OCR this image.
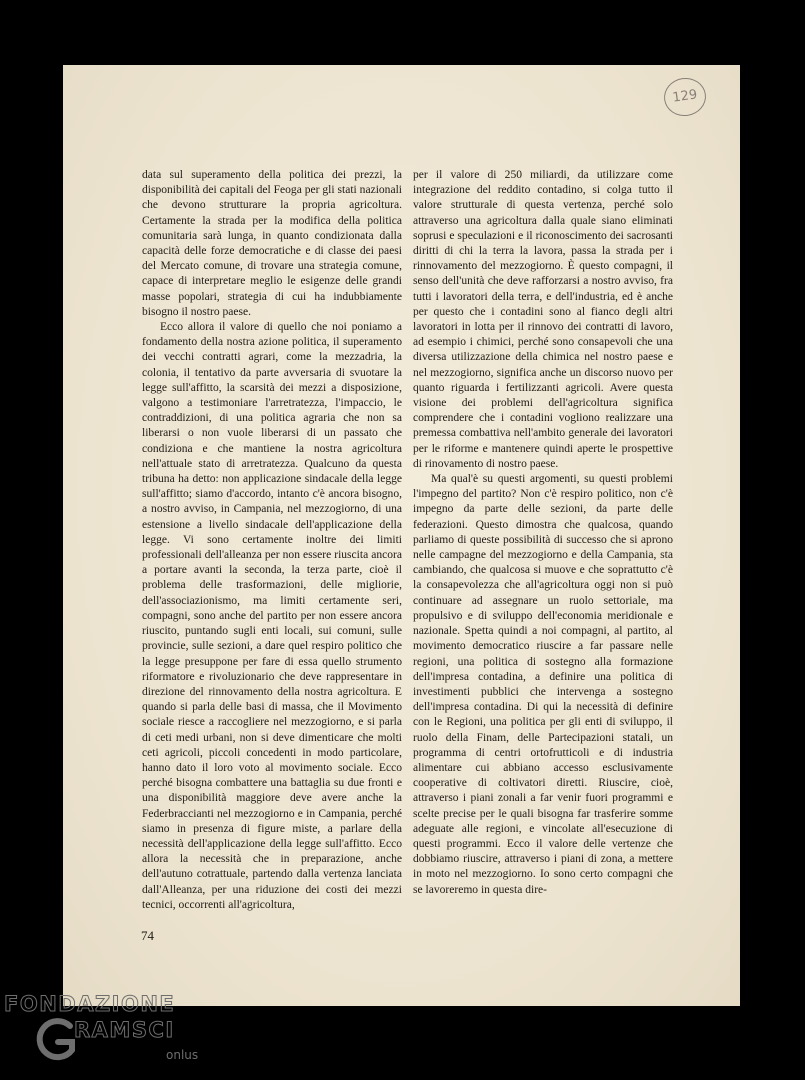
129

data sul superamento della politica dei prezzi, la disponibilità dei capitali del Feoga per gli stati nazionali che devono strutturare la propria agricoltura. Certamente la strada per la modifica della politica comunitaria sarà lunga, in quanto condizionata dalla capacità delle forze democratiche e di classe dei paesi del Mercato comune, di trovare una strategia comune, capace di interpretare meglio le esigenze delle grandi masse popolari, strategia di cui ha indubbiamente bisogno il nostro paese.

Ecco allora il valore di quello che noi poniamo a fondamento della nostra azione politica, il superamento dei vecchi contratti agrari, come la mezzadria, la colonia, il tentativo da parte avversaria di svuotare la legge sull'affitto, la scarsità dei mezzi a disposizione, valgono a testimoniare l'arretratezza, l'impaccio, le contraddizioni, di una politica agraria che non sa liberarsi o non vuole liberarsi di un passato che condiziona e che mantiene la nostra agricoltura nell'attuale stato di arretratezza. Qualcuno da questa tribuna ha detto: non applicazione sindacale della legge sull'affitto; siamo d'accordo, intanto c'è ancora bisogno, a nostro avviso, in Campania, nel mezzogiorno, di una estensione a livello sindacale dell'applicazione della legge. Vi sono certamente inoltre dei limiti professionali dell'alleanza per non essere riuscita ancora a portare avanti la seconda, la terza parte, cioè il problema delle trasformazioni, delle migliorie, dell'associazionismo, ma limiti certamente seri, compagni, sono anche del partito per non essere ancora riuscito, puntando sugli enti locali, sui comuni, sulle provincie, sulle sezioni, a dare quel respiro politico che la legge presuppone per fare di essa quello strumento riformatore e rivoluzionario che deve rappresentare in direzione del rinnovamento della nostra agricoltura. E quando si parla delle basi di massa, che il Movimento sociale riesce a raccogliere nel mezzogiorno, e si parla di ceti medi urbani, non si deve dimenticare che molti ceti agricoli, piccoli concedenti in modo particolare, hanno dato il loro voto al movimento sociale. Ecco perché bisogna combattere una battaglia su due fronti e una disponibilità maggiore deve avere anche la Federbraccianti nel mezzogiorno e in Campania, perché siamo in presenza di figure miste, a parlare della necessità dell'applicazione della legge sull'affitto. Ecco allora la necessità che in preparazione, anche dell'autuno cotrattuale, partendo dalla vertenza lanciata dall'Alleanza, per una riduzione dei costi dei mezzi tecnici, occorrenti all'agricoltura,

per il valore di 250 miliardi, da utilizzare come integrazione del reddito contadino, si colga tutto il valore strutturale di questa vertenza, perché solo attraverso una agricoltura dalla quale siano eliminati soprusi e speculazioni e il riconoscimento dei sacrosanti diritti di chi la terra la lavora, passa la strada per i rinnovamento del mezzogiorno. È questo compagni, il senso dell'unità che deve rafforzarsi a nostro avviso, fra tutti i lavoratori della terra, e dell'industria, ed è anche per questo che i contadini sono al fianco degli altri lavoratori in lotta per il rinnovo dei contratti di lavoro, ad esempio i chimici, perché sono consapevoli che una diversa utilizzazione della chimica nel nostro paese e nel mezzogiorno, significa anche un discorso nuovo per quanto riguarda i fertilizzanti agricoli. Avere questa visione dei problemi dell'agricoltura significa comprendere che i contadini vogliono realizzare una premessa combattiva nell'ambito generale dei lavoratori per le riforme e mantenere quindi aperte le prospettive di rinovamento di nostro paese.

Ma qual'è su questi argomenti, su questi problemi l'impegno del partito? Non c'è respiro politico, non c'è impegno da parte delle sezioni, da parte delle federazioni. Questo dimostra che qualcosa, quando parliamo di queste possibilità di successo che si aprono nelle campagne del mezzogiorno e della Campania, sta cambiando, che qualcosa si muove e che soprattutto c'è la consapevolezza che all'agricoltura oggi non si può continuare ad assegnare un ruolo settoriale, ma propulsivo e di sviluppo dell'economia meridionale e nazionale. Spetta quindi a noi compagni, al partito, al movimento democratico riuscire a far passare nelle regioni, una politica di sostegno alla formazione dell'impresa contadina, a definire una politica di investimenti pubblici che intervenga a sostegno dell'impresa contadina. Di qui la necessità di definire con le Regioni, una politica per gli enti di sviluppo, il ruolo della Finam, delle Partecipazioni statali, un programma di centri ortofrutticoli e di industria alimentare cui abbiano accesso esclusivamente cooperative di coltivatori diretti. Riuscire, cioè, attraverso i piani zonali a far venir fuori programmi e scelte precise per le quali bisogna far trasferire somme adeguate alle regioni, e vincolate all'esecuzione di questi programmi. Ecco il valore delle vertenze che dobbiamo riuscire, attraverso i piani di zona, a mettere in moto nel mezzogiorno. Io sono certo compagni che se lavoreremo in questa dire-

74
FONDAZIONE
RAMSCI
onlus
